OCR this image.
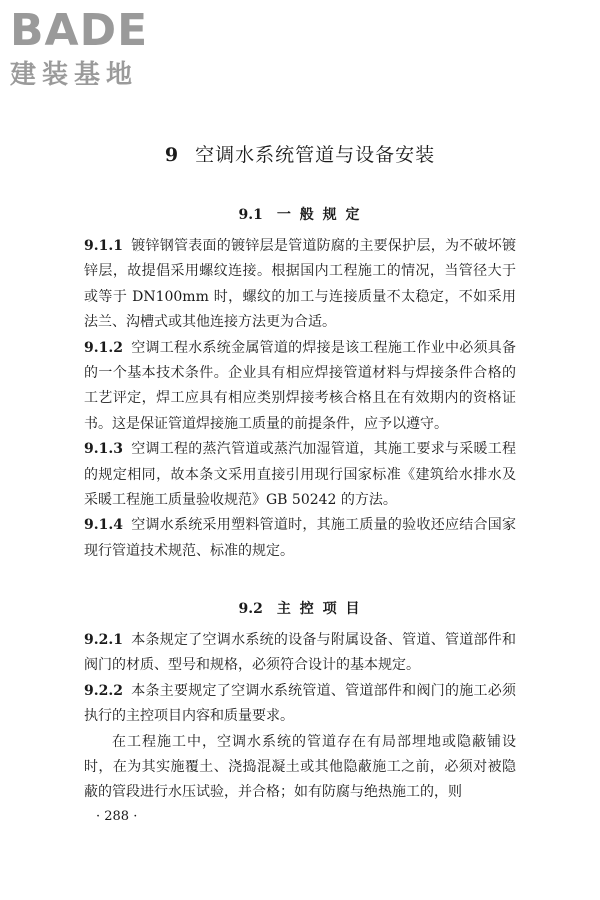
BADE
建装基地
9 空调水系统管道与设备安装
9.1 一 般 规 定

9.1.1 镀锌钢管表面的镀锌层是管道防腐的主要保护层，为不破坏镀锌层，故提倡采用螺纹连接。根据国内工程施工的情况，当管径大于或等于 DN100mm 时，螺纹的加工与连接质量不太稳定，不如采用法兰、沟槽式或其他连接方法更为合适。

9.1.2 空调工程水系统金属管道的焊接是该工程施工作业中必须具备的一个基本技术条件。企业具有相应焊接管道材料与焊接条件合格的工艺评定，焊工应具有相应类别焊接考核合格且在有效期内的资格证书。这是保证管道焊接施工质量的前提条件，应予以遵守。

9.1.3 空调工程的蒸汽管道或蒸汽加湿管道，其施工要求与采暖工程的规定相同，故本条文采用直接引用现行国家标准《建筑给水排水及采暖工程施工质量验收规范》GB 50242 的方法。

9.1.4 空调水系统采用塑料管道时，其施工质量的验收还应结合国家现行管道技术规范、标准的规定。

9.2 主 控 项 目

9.2.1 本条规定了空调水系统的设备与附属设备、管道、管道部件和阀门的材质、型号和规格，必须符合设计的基本规定。

9.2.2 本条主要规定了空调水系统管道、管道部件和阀门的施工必须执行的主控项目内容和质量要求。

在工程施工中，空调水系统的管道存在有局部埋地或隐蔽铺设时，在为其实施覆土、浇捣混凝土或其他隐蔽施工之前，必须对被隐蔽的管段进行水压试验，并合格；如有防腐与绝热施工的，则

· 288 ·
